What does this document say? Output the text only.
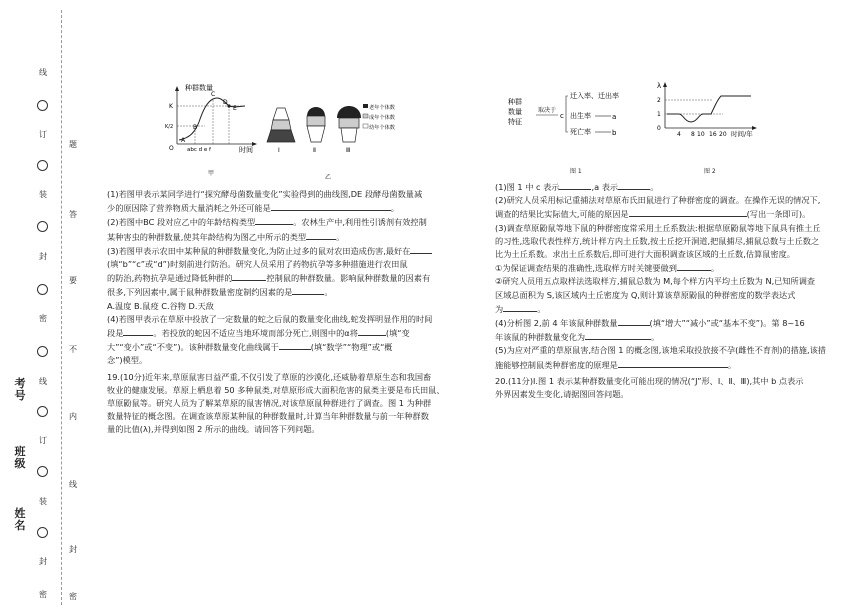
线
订
装
封
密
线
订
装
封
密
题
答
要
不
内
线
封
密
考号
班级
姓名
种群数量
时间
K
K/2
O
A
B
C
D
E
abc d e f
甲
Ⅰ	Ⅱ	Ⅲ
老年个体数
成年个体数
幼年个体数
乙
种群
数量
特征
取决于
c
迁入率、迁出率
出生率
死亡率
a
b
图 1
λ
2
1
0
4 8 10 16 20 时间/年
图 2

(1)若图甲表示某同学进行“探究酵母菌数量变化”实验得到的曲线图,DE 段酵母菌数量减

少的原因除了营养物质大量消耗之外还可能是	。

(2)若图中BC 段对应乙中的年龄结构类型	。农林生产中,利用性引诱剂有效控制

某种害虫的种群数量,使其年龄结构为图乙中所示的类型	。

(3)若图甲表示农田中某种鼠的种群数量变化,为防止过多的鼠对农田造成伤害,最好在

(填“b”“c”或“d”)时刻前进行防治。研究人员采用了药物抗孕等多种措施进行农田鼠

的防治,药物抗孕是通过降低种群的	控制鼠的种群数量。影响鼠种群数量的因素有

很多,下列因素中,属于鼠种群数量密度制约因素的是	。

A.温度 B.鼠疫 C.谷物 D.天敌

(4)若图甲表示在草原中投放了一定数量的蛇之后鼠的数量变化曲线,蛇发挥明显作用的时间

段是	。若投放的蛇因不适应当地环境而部分死亡,则图中的α将	(填“变

大”“变小”或“不变”)。该种群数量变化曲线属于	(填“数学”“物理”或“概

念”)模型。

19.(10分)近年来,草原鼠害日益严重,不仅引发了草原的沙漠化,还威胁着草原生态和我国畜

牧业的健康发展。草原上栖息着 50 多种鼠类,对草原形成大面积危害的鼠类主要是布氏田鼠、

草原鼢鼠等。研究人员为了解某草原的鼠害情况,对该草原鼠种群进行了调查。图 1 为种群

数量特征的概念图。在调查该草原某种鼠的种群数量时,计算当年种群数量与前一年种群数

量的比值(λ),并得到如图 2 所示的曲线。请回答下列问题。

(1)图 1 中 c 表示	,a 表示	。

(2)研究人员采用标记重捕法对草原布氏田鼠进行了种群密度的调查。在操作无误的情况下,

调查的结果比实际值大,可能的原因是	(写出一条即可)。

(3)调查草原鼢鼠等地下鼠的种群密度常采用土丘系数法:根据草原鼢鼠等地下鼠具有推土丘

的习性,选取代表性样方,统计样方内土丘数,按土丘挖开洞道,把鼠捕尽,捕鼠总数与土丘数之

比为土丘系数。求出土丘系数后,即可进行大面积调查该区域的土丘数,估算鼠密度。

①为保证调查结果的准确性,选取样方时关键要做到	。

②研究人员用五点取样法选取样方,捕鼠总数为 M,每个样方内平均土丘数为 N,已知所调查

区域总面积为 S,该区域内土丘密度为 Q,则计算该草原鼢鼠的种群密度的数学表达式

为	。

(4)分析图 2,前 4 年该鼠种群数量	(填“增大”“减小”或“基本不变”)。第 8~16

年该鼠的种群数量变化为	。

(5)为应对严重的草原鼠害,结合图 1 的概念图,该地采取投放接不孕(雌性不育剂)的措施,该措

施能够控制鼠类种群密度的原理是	。

20.(11分)Ⅰ.图 1 表示某种群数量变化可能出现的情况(“J”形、Ⅰ、Ⅱ、Ⅲ),其中 b 点表示

外界因素发生变化,请据图回答问题。
